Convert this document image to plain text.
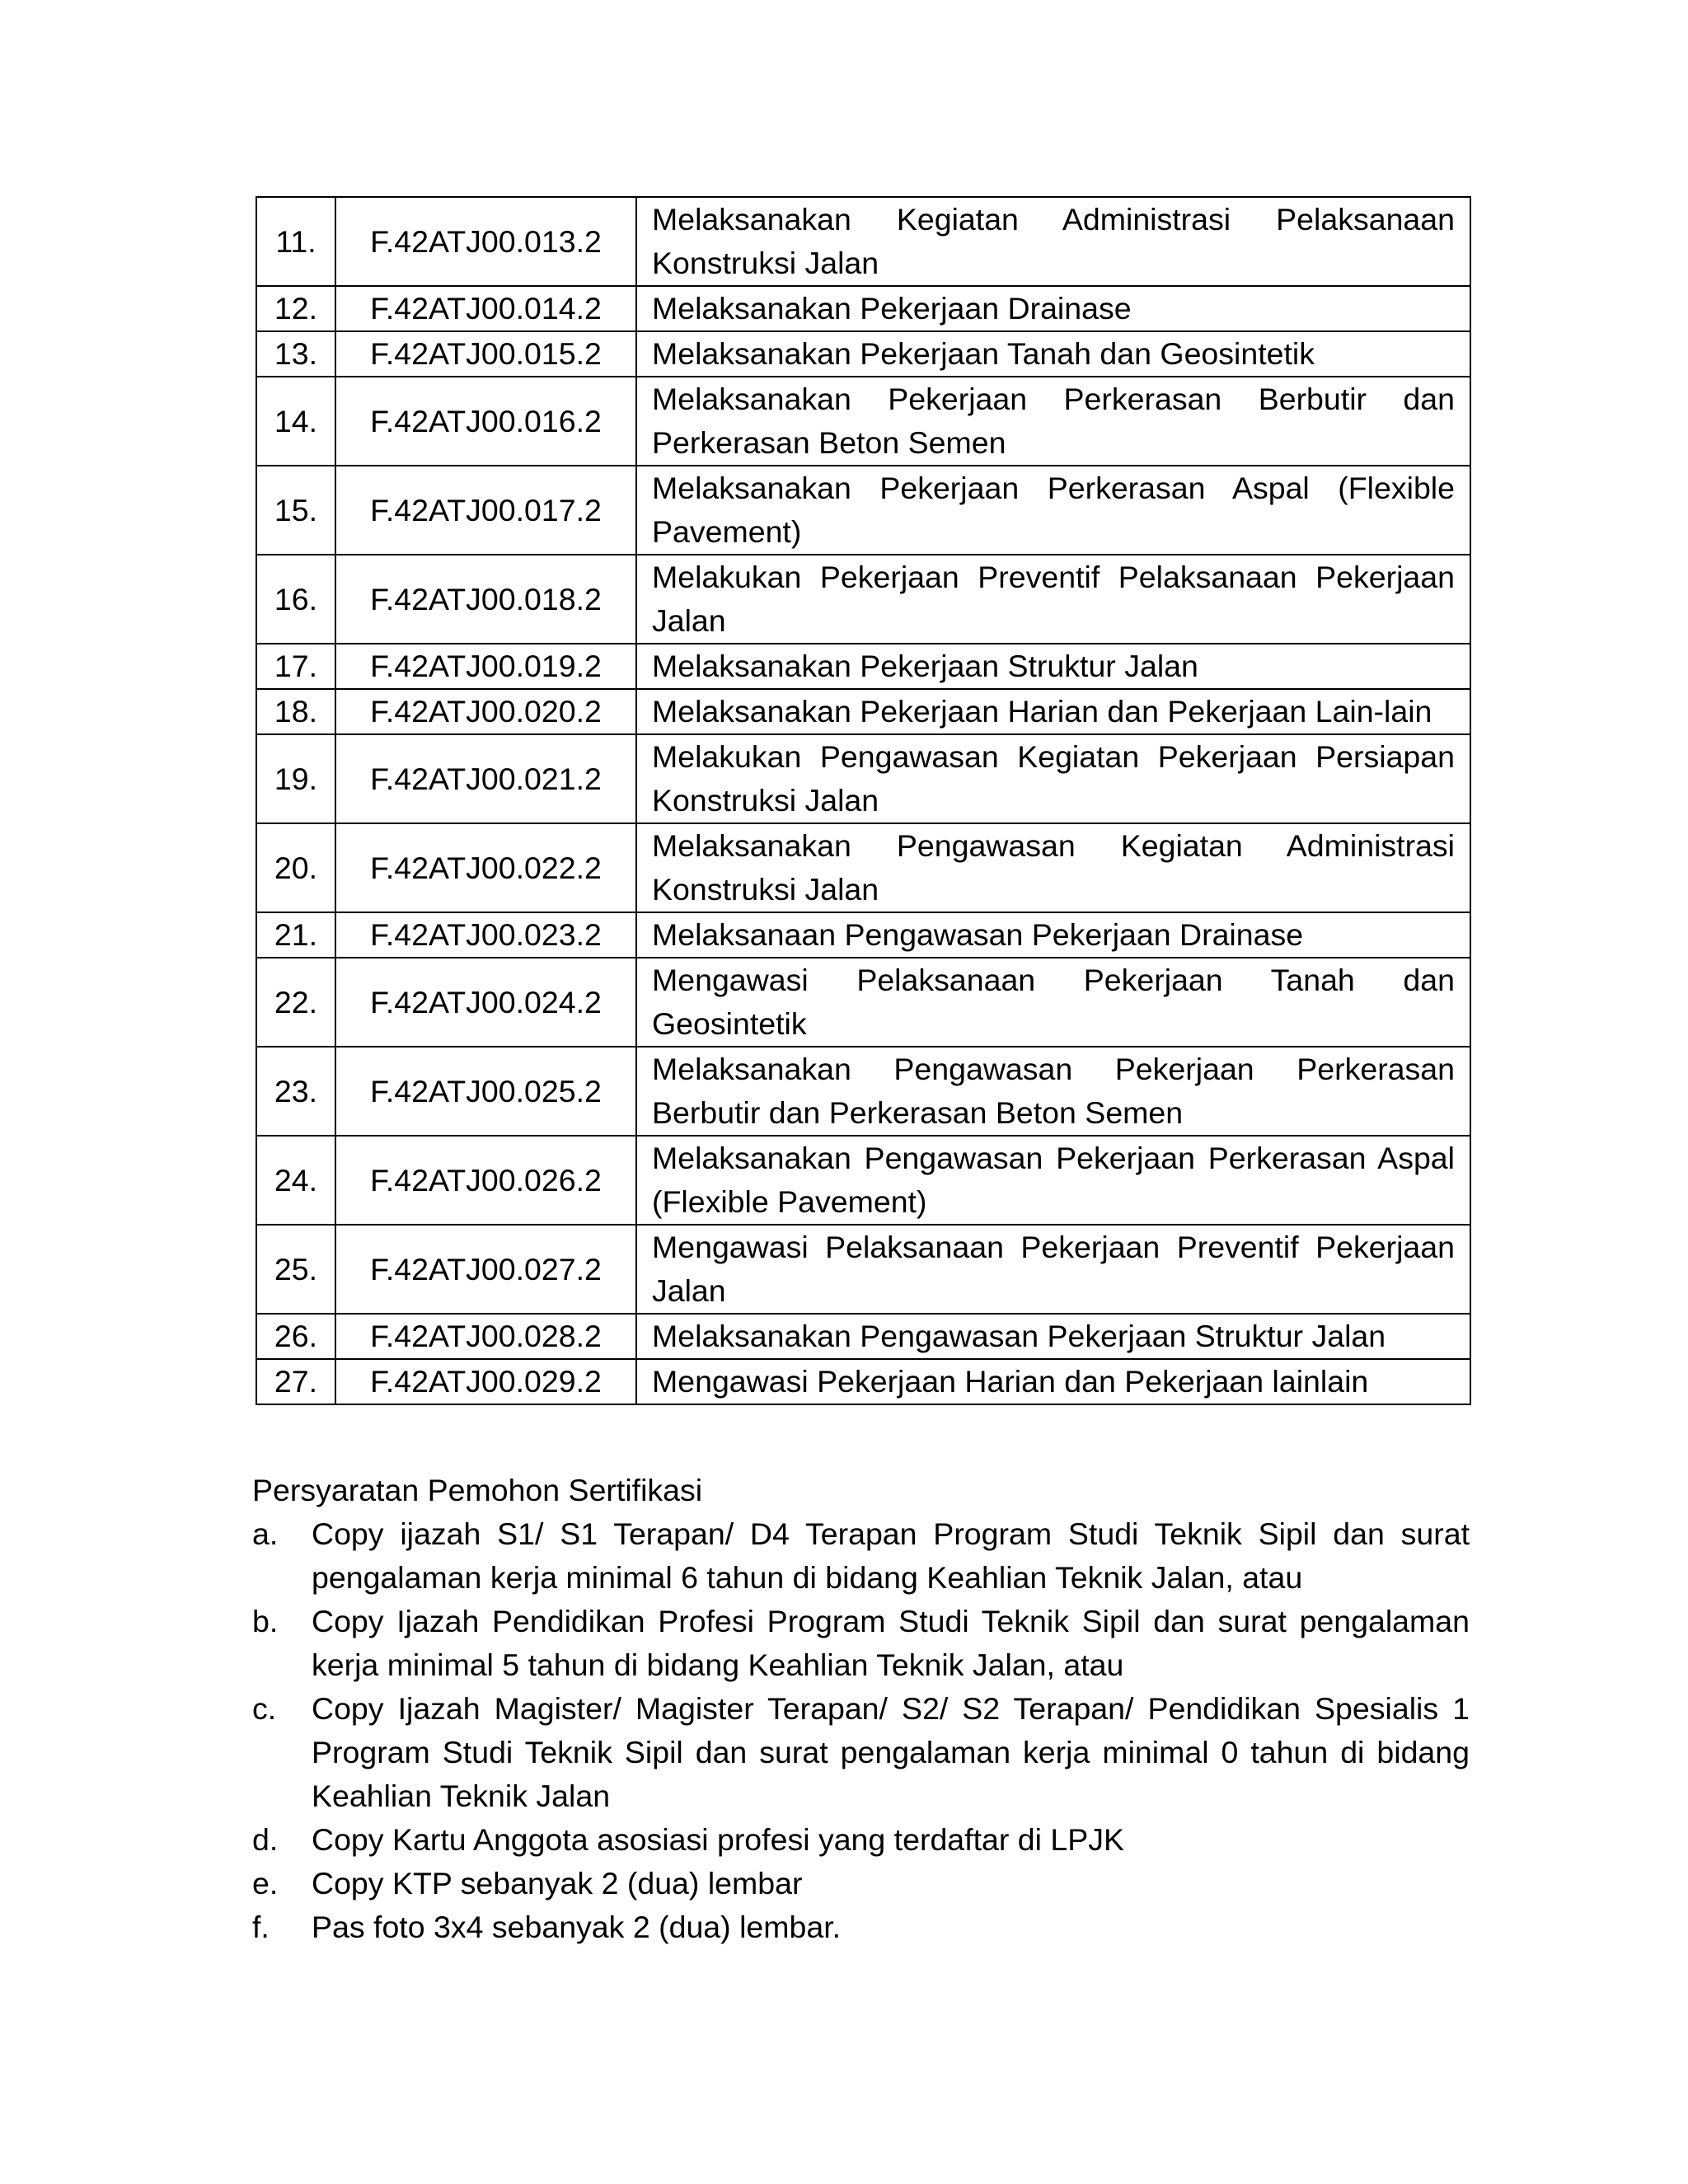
11.	F.42ATJ00.013.2	Melaksanakan Kegiatan Administrasi Pelaksanaan Konstruksi Jalan
12.	F.42ATJ00.014.2	Melaksanakan Pekerjaan Drainase
13.	F.42ATJ00.015.2	Melaksanakan Pekerjaan Tanah dan Geosintetik
14.	F.42ATJ00.016.2	Melaksanakan Pekerjaan Perkerasan Berbutir dan Perkerasan Beton Semen
15.	F.42ATJ00.017.2	Melaksanakan Pekerjaan Perkerasan Aspal (Flexible Pavement)
16.	F.42ATJ00.018.2	Melakukan Pekerjaan Preventif Pelaksanaan Pekerjaan Jalan
17.	F.42ATJ00.019.2	Melaksanakan Pekerjaan Struktur Jalan
18.	F.42ATJ00.020.2	Melaksanakan Pekerjaan Harian dan Pekerjaan Lain-lain
19.	F.42ATJ00.021.2	Melakukan Pengawasan Kegiatan Pekerjaan Persiapan Konstruksi Jalan
20.	F.42ATJ00.022.2	Melaksanakan Pengawasan Kegiatan Administrasi Konstruksi Jalan
21.	F.42ATJ00.023.2	Melaksanaan Pengawasan Pekerjaan Drainase
22.	F.42ATJ00.024.2	Mengawasi Pelaksanaan Pekerjaan Tanah dan Geosintetik
23.	F.42ATJ00.025.2	Melaksanakan Pengawasan Pekerjaan Perkerasan Berbutir dan Perkerasan Beton Semen
24.	F.42ATJ00.026.2	Melaksanakan Pengawasan Pekerjaan Perkerasan Aspal (Flexible Pavement)
25.	F.42ATJ00.027.2	Mengawasi Pelaksanaan Pekerjaan Preventif Pekerjaan Jalan
26.	F.42ATJ00.028.2	Melaksanakan Pengawasan Pekerjaan Struktur Jalan
27.	F.42ATJ00.029.2	Mengawasi Pekerjaan Harian dan Pekerjaan lainlain
Persyaratan Pemohon Sertifikasi
a.	Copy ijazah S1/ S1 Terapan/ D4 Terapan Program Studi Teknik Sipil dan surat pengalaman kerja minimal 6 tahun di bidang Keahlian Teknik Jalan, atau
b.	Copy Ijazah Pendidikan Profesi Program Studi Teknik Sipil dan surat pengalaman kerja minimal 5 tahun di bidang Keahlian Teknik Jalan, atau
c.	Copy Ijazah Magister/ Magister Terapan/ S2/ S2 Terapan/ Pendidikan Spesialis 1 Program Studi Teknik Sipil dan surat pengalaman kerja minimal 0 tahun di bidang Keahlian Teknik Jalan
d.	Copy Kartu Anggota asosiasi profesi yang terdaftar di LPJK
e.	Copy KTP sebanyak 2 (dua) lembar
f.	Pas foto 3x4 sebanyak 2 (dua) lembar.
